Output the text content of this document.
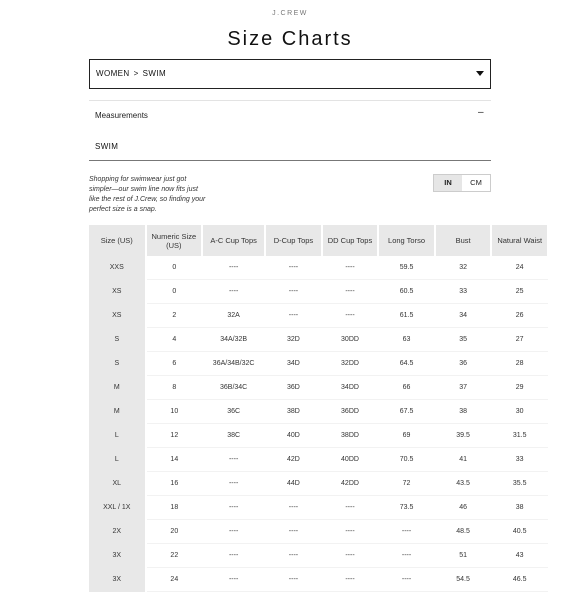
J.CREW
Size Charts
WOMEN > SWIM
Measurements	–
SWIM
Shopping for swimwear just got simpler—our swim line now fits just like the rest of J.Crew, so finding your perfect size is a snap.
IN	CM
Size (US)	Numeric Size (US)	A-C Cup Tops	D-Cup Tops	DD Cup Tops	Long Torso	Bust	Natural Waist
XXS	0	----	----	----	59.5	32	24
XS	0	----	----	----	60.5	33	25
XS	2	32A	----	----	61.5	34	26
S	4	34A/32B	32D	30DD	63	35	27
S	6	36A/34B/32C	34D	32DD	64.5	36	28
M	8	36B/34C	36D	34DD	66	37	29
M	10	36C	38D	36DD	67.5	38	30
L	12	38C	40D	38DD	69	39.5	31.5
L	14	----	42D	40DD	70.5	41	33
XL	16	----	44D	42DD	72	43.5	35.5
XXL / 1X	18	----	----	----	73.5	46	38
2X	20	----	----	----	----	48.5	40.5
3X	22	----	----	----	----	51	43
3X	24	----	----	----	----	54.5	46.5
